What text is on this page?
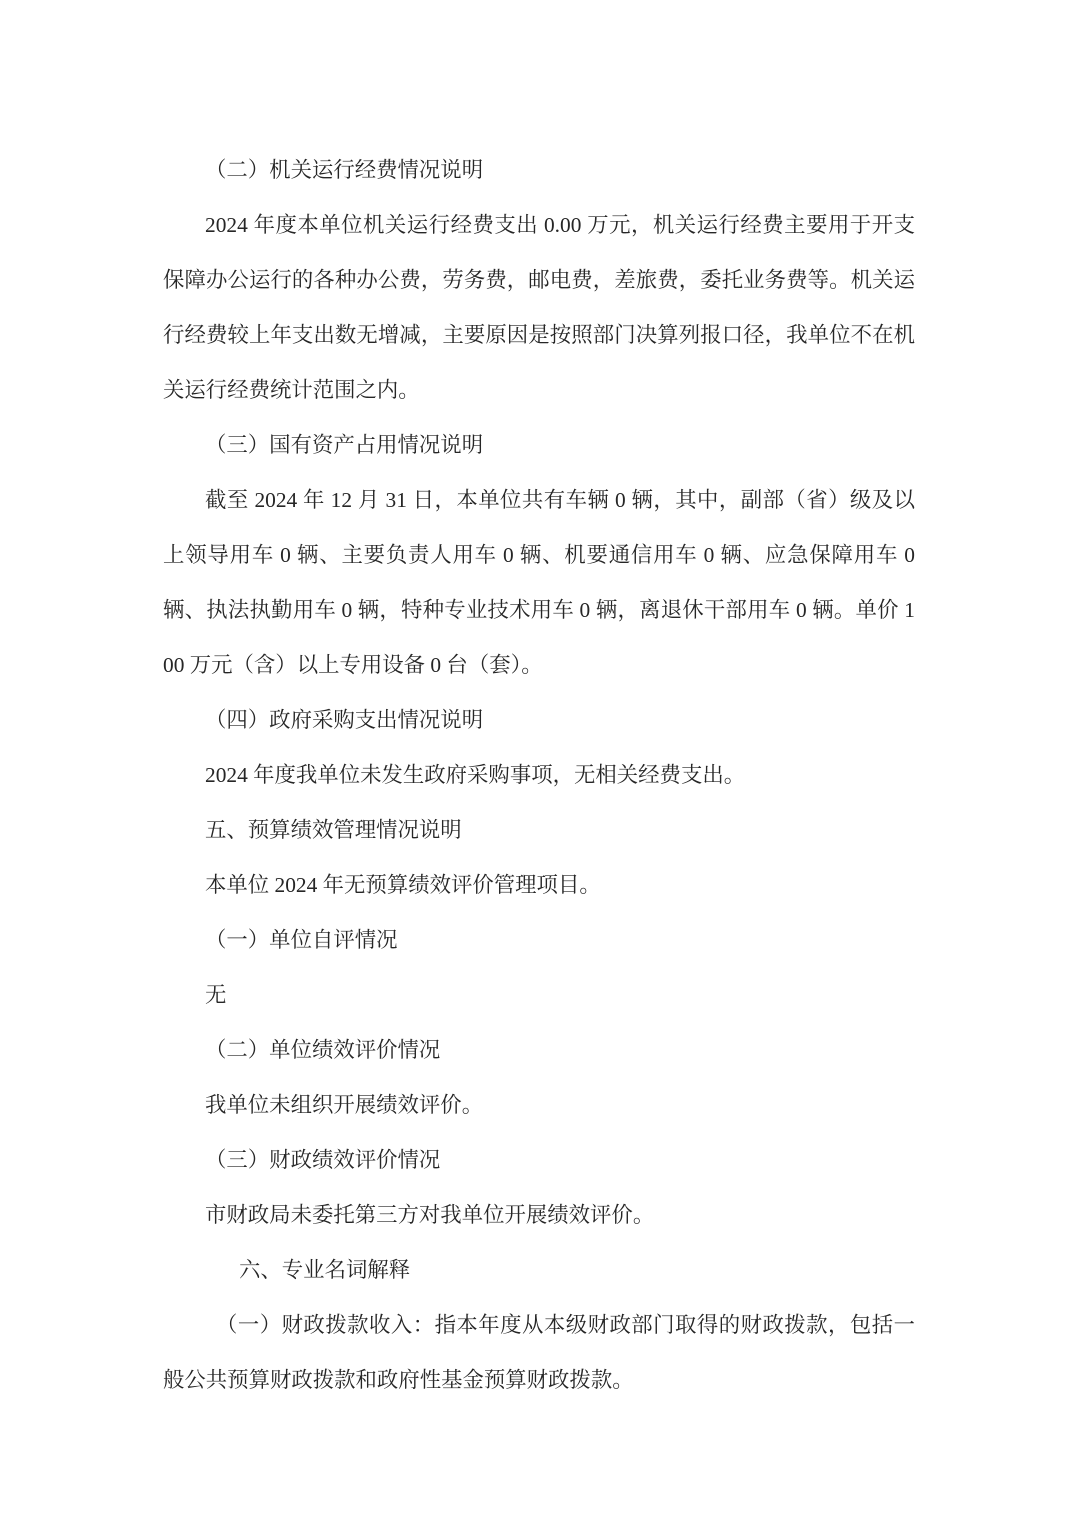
（二）机关运行经费情况说明

2024 年度本单位机关运行经费支出 0.00 万元，机关运行经费主要用于开支保障办公运行的各种办公费，劳务费，邮电费，差旅费，委托业务费等。机关运行经费较上年支出数无增减，主要原因是按照部门决算列报口径，我单位不在机关运行经费统计范围之内。

（三）国有资产占用情况说明

截至 2024 年 12 月 31 日，本单位共有车辆 0 辆，其中，副部（省）级及以上领导用车 0 辆、主要负责人用车 0 辆、机要通信用车 0 辆、应急保障用车 0 辆、执法执勤用车 0 辆，特种专业技术用车 0 辆，离退休干部用车 0 辆。单价 100 万元（含）以上专用设备 0 台（套）。

（四）政府采购支出情况说明

2024 年度我单位未发生政府采购事项，无相关经费支出。

五、预算绩效管理情况说明

本单位 2024 年无预算绩效评价管理项目。

（一）单位自评情况

无

（二）单位绩效评价情况

我单位未组织开展绩效评价。

（三）财政绩效评价情况

市财政局未委托第三方对我单位开展绩效评价。

六、专业名词解释

（一）财政拨款收入：指本年度从本级财政部门取得的财政拨款，包括一般公共预算财政拨款和政府性基金预算财政拨款。
